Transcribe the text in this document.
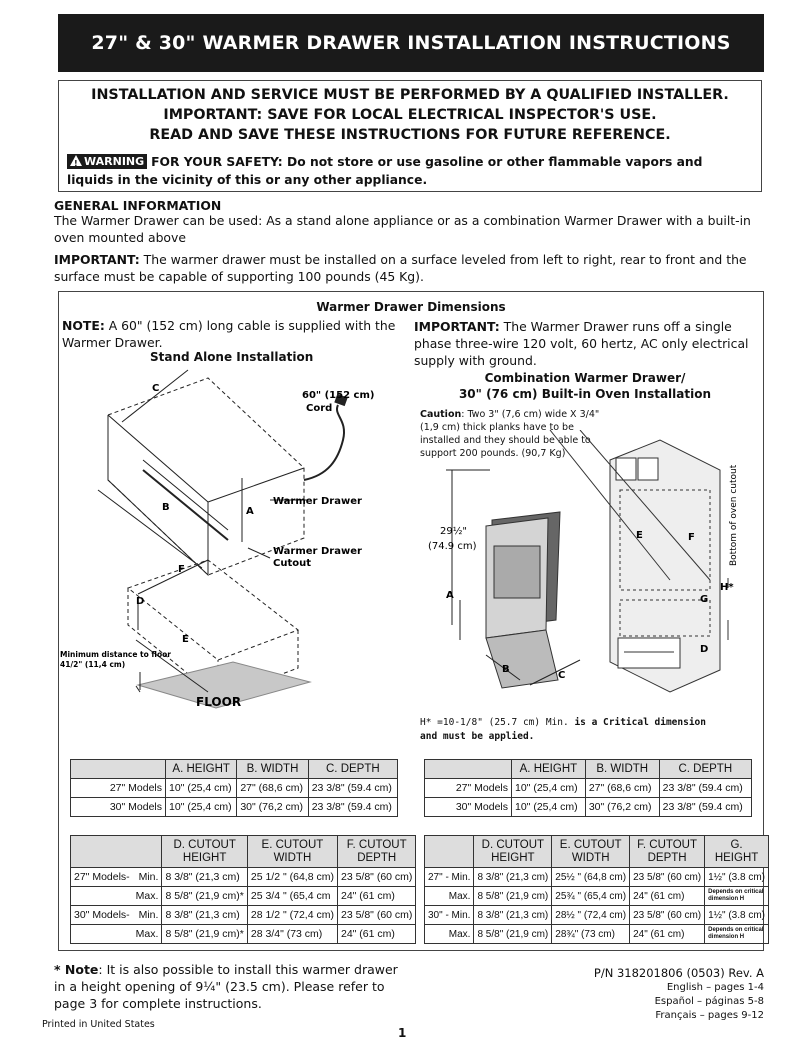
27" & 30" WARMER DRAWER INSTALLATION INSTRUCTIONS
INSTALLATION AND SERVICE MUST BE PERFORMED BY A QUALIFIED INSTALLER.
IMPORTANT: SAVE FOR LOCAL ELECTRICAL INSPECTOR'S USE.
READ AND SAVE THESE INSTRUCTIONS FOR FUTURE REFERENCE.
!WARNING FOR YOUR SAFETY: Do not store or use gasoline or other flammable vapors and liquids in the vicinity of this or any other appliance.
GENERAL INFORMATION
The Warmer Drawer can be used: As a stand alone appliance or as a combination Warmer Drawer with a built-in oven mounted above
IMPORTANT: The warmer drawer must be installed on a surface leveled from left to right, rear to front and the surface must be capable of supporting 100 pounds (45 Kg).
Warmer Drawer Dimensions
NOTE: A 60" (152 cm) long cable is supplied with the Warmer Drawer.
IMPORTANT: The Warmer Drawer runs off a single phase three-wire 120 volt, 60 hertz, AC only electrical supply with ground.
Stand Alone Installation
Combination Warmer Drawer/
30" (76 cm) Built-in Oven Installation
Caution: Two 3" (7,6 cm) wide X 3/4" (1,9 cm) thick planks have to be installed and they should be able to support 200 pounds. (90,7 Kg)
C
B	A
60" (152 cm)
Cord
Warmer Drawer
Warmer Drawer
Cutout
F
D
E
Minimum distance to floor
41/2" (11,4 cm)
FLOOR
29½"
(74.9 cm)
A
B
C
E	F
H*
G
D
Bottom of oven cutout
H* =10-1/8" (25.7 cm) Min. is a Critical dimension
and must be applied.
	A. HEIGHT	B. WIDTH	C. DEPTH
27" Models	10" (25,4 cm)	27" (68,6 cm)	23 3/8" (59.4 cm)
30" Models	10" (25,4 cm)	30" (76,2 cm)	23 3/8" (59.4 cm)
		D. CUTOUT HEIGHT	E. CUTOUT WIDTH	F. CUTOUT DEPTH
27" Models-	Min.	8 3/8" (21,3 cm)	25 1/2 " (64,8 cm)	23 5/8" (60 cm)
	Max.	8 5/8" (21,9 cm)*	25 3/4 " (65,4 cm	24" (61 cm)
30" Models-	Min.	8 3/8" (21,3 cm)	28 1/2 " (72,4 cm)	23 5/8" (60 cm)
	Max.	8 5/8" (21,9 cm)*	28 3/4" (73 cm)	24" (61 cm)
	A. HEIGHT	B. WIDTH	C. DEPTH
27" Models	10" (25,4 cm)	27" (68,6 cm)	23 3/8" (59.4 cm)
30" Models	10" (25,4 cm)	30" (76,2 cm)	23 3/8" (59.4 cm)
	D. CUTOUT HEIGHT	E. CUTOUT WIDTH	F. CUTOUT DEPTH	G. HEIGHT
27" - Min.	8 3/8" (21,3 cm)	25½ " (64,8 cm)	23 5/8" (60 cm)	1½" (3.8 cm)
Max.	8 5/8" (21,9 cm)	25¾ " (65,4 cm)	24" (61 cm)	Depends on critical dimension H

30" - Min.	8 3/8" (21,3 cm)	28½ " (72,4 cm)	23 5/8" (60 cm)	1½" (3.8 cm)
Max.	8 5/8" (21,9 cm)	28¾" (73 cm)	24" (61 cm)	Depends on critical dimension H
* Note: It is also possible to install this warmer drawer in a height opening of 9¼" (23.5 cm). Please refer to page 3 for complete instructions.
P/N 318201806 (0503) Rev. A
English – pages 1-4
Español – páginas 5-8
Français – pages 9-12
Printed in United States
1
